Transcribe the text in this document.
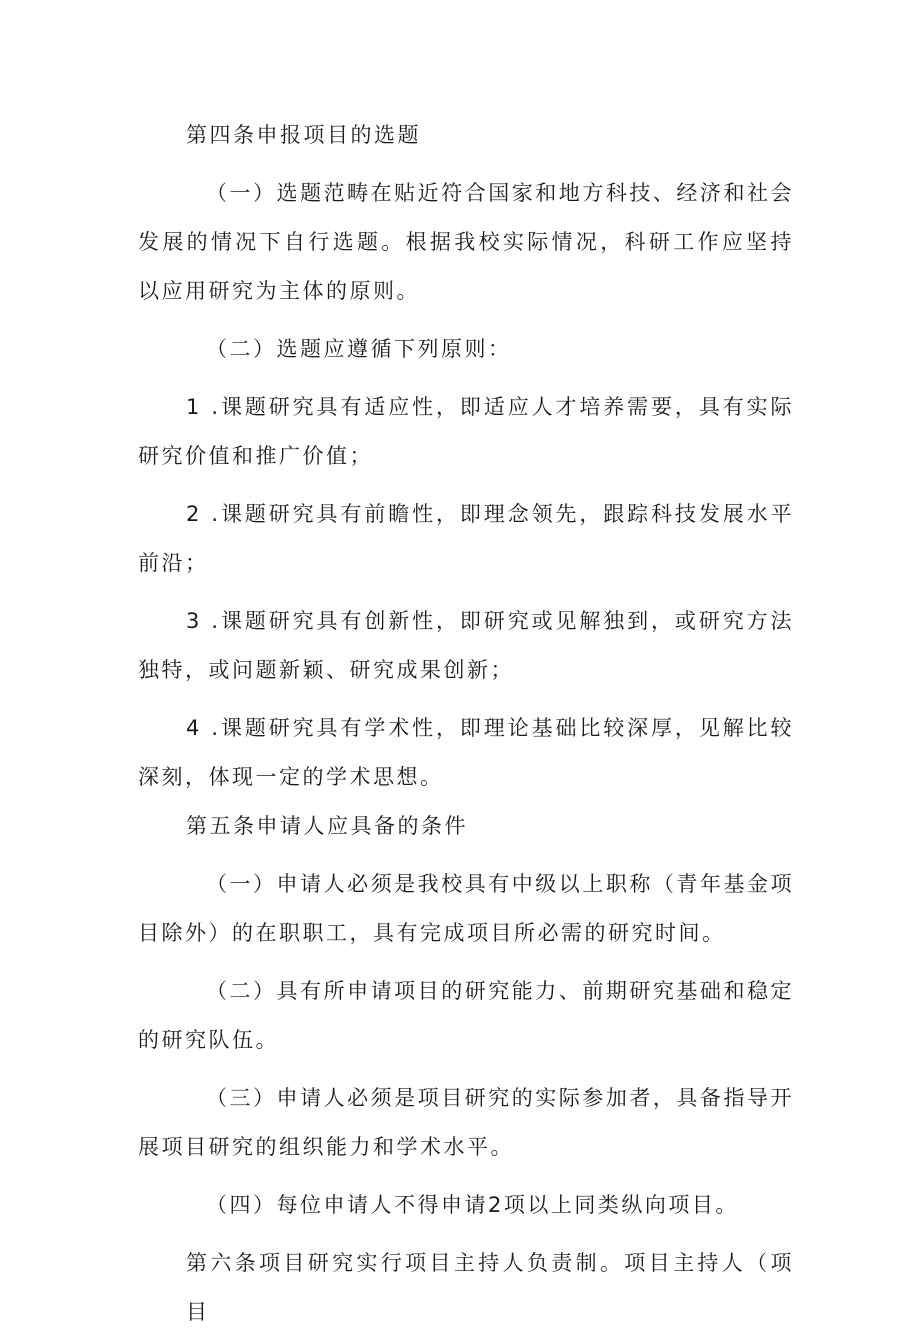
第四条申报项目的选题

（一）选题范畴在贴近符合国家和地方科技、经济和社会发展的情况下自行选题。根据我校实际情况，科研工作应坚持以应用研究为主体的原则。

（二）选题应遵循下列原则：

1 .课题研究具有适应性，即适应人才培养需要，具有实际研究价值和推广价值；

2 .课题研究具有前瞻性，即理念领先，跟踪科技发展水平前沿；

3 .课题研究具有创新性，即研究或见解独到，或研究方法独特，或问题新颖、研究成果创新；

4 .课题研究具有学术性，即理论基础比较深厚，见解比较深刻，体现一定的学术思想。

第五条申请人应具备的条件

（一）申请人必须是我校具有中级以上职称（青年基金项目除外）的在职职工，具有完成项目所必需的研究时间。

（二）具有所申请项目的研究能力、前期研究基础和稳定的研究队伍。

（三）申请人必须是项目研究的实际参加者，具备指导开展项目研究的组织能力和学术水平。

（四）每位申请人不得申请2项以上同类纵向项目。

第六条项目研究实行项目主持人负责制。项目主持人（项目
